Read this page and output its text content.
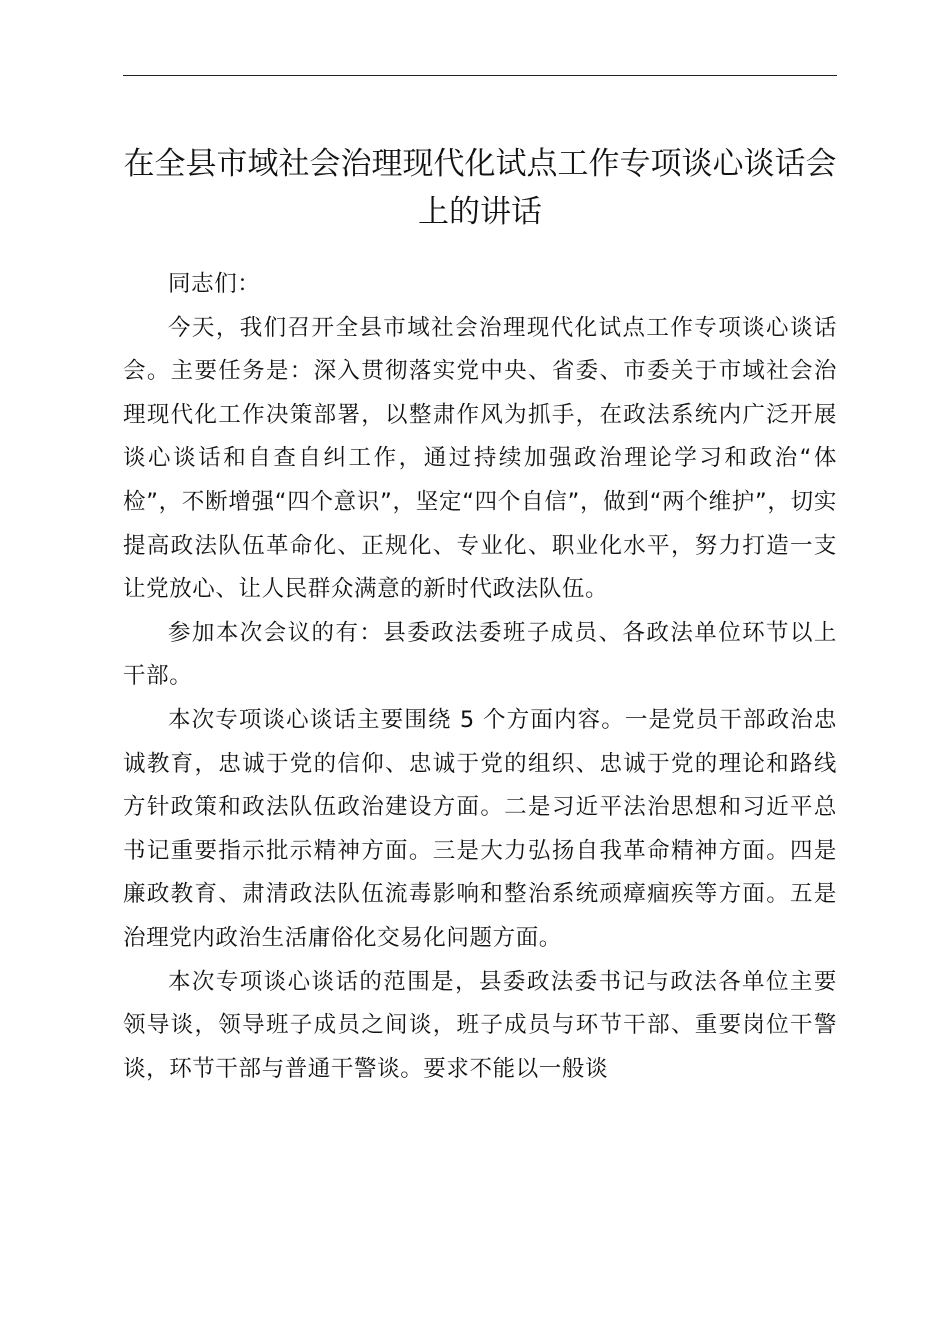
在全县市域社会治理现代化试点工作专项谈心谈话会上的讲话

同志们：

今天，我们召开全县市域社会治理现代化试点工作专项谈心谈话会。主要任务是：深入贯彻落实党中央、省委、市委关于市域社会治理现代化工作决策部署，以整肃作风为抓手，在政法系统内广泛开展谈心谈话和自查自纠工作，通过持续加强政治理论学习和政治“体检”，不断增强“四个意识”，坚定“四个自信”，做到“两个维护”，切实提高政法队伍革命化、正规化、专业化、职业化水平，努力打造一支让党放心、让人民群众满意的新时代政法队伍。

参加本次会议的有：县委政法委班子成员、各政法单位环节以上干部。

本次专项谈心谈话主要围绕 5 个方面内容。一是党员干部政治忠诚教育，忠诚于党的信仰、忠诚于党的组织、忠诚于党的理论和路线方针政策和政法队伍政治建设方面。二是习近平法治思想和习近平总书记重要指示批示精神方面。三是大力弘扬自我革命精神方面。四是廉政教育、肃清政法队伍流毒影响和整治系统顽瘴痼疾等方面。五是治理党内政治生活庸俗化交易化问题方面。

本次专项谈心谈话的范围是，县委政法委书记与政法各单位主要领导谈，领导班子成员之间谈，班子成员与环节干部、重要岗位干警谈，环节干部与普通干警谈。要求不能以一般谈
